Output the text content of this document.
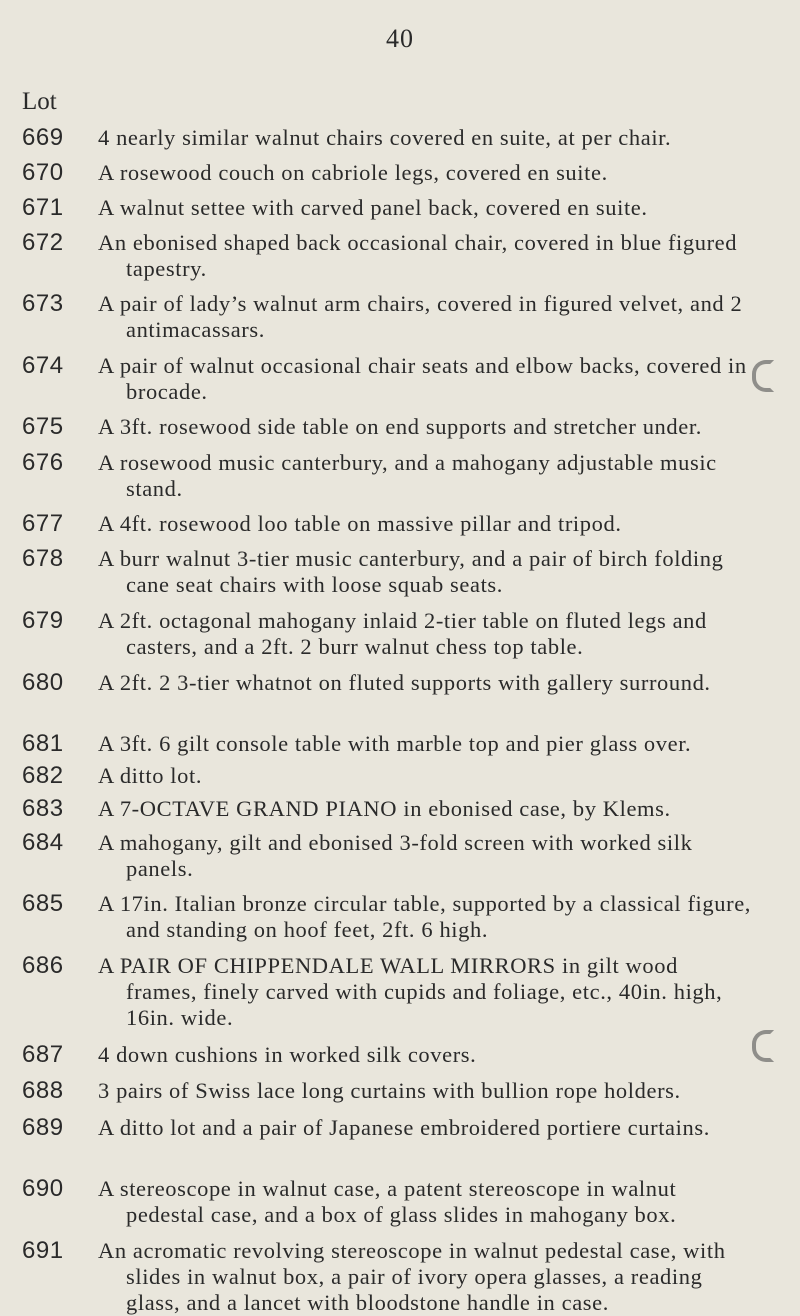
40
Lot
669 4 nearly similar walnut chairs covered en suite, at per chair.
670 A rosewood couch on cabriole legs, covered en suite.
671 A walnut settee with carved panel back, covered en suite.
672 An ebonised shaped back occasional chair, covered in blue figured tapestry.
673 A pair of lady’s walnut arm chairs, covered in figured velvet, and 2 antimacassars.
674 A pair of walnut occasional chair seats and elbow backs, covered in brocade.
675 A 3ft. rosewood side table on end supports and stretcher under.
676 A rosewood music canterbury, and a mahogany adjustable music stand.
677 A 4ft. rosewood loo table on massive pillar and tripod.
678 A burr walnut 3-tier music canterbury, and a pair of birch folding cane seat chairs with loose squab seats.
679 A 2ft. octagonal mahogany inlaid 2-tier table on fluted legs and casters, and a 2ft. 2 burr walnut chess top table.
680 A 2ft. 2 3-tier whatnot on fluted supports with gallery surround.
681 A 3ft. 6 gilt console table with marble top and pier glass over.
682 A ditto lot.
683 A 7-OCTAVE GRAND PIANO in ebonised case, by Klems.
684 A mahogany, gilt and ebonised 3-fold screen with worked silk panels.
685 A 17in. Italian bronze circular table, supported by a classical figure, and standing on hoof feet, 2ft. 6 high.
686 A PAIR OF CHIPPENDALE WALL MIRRORS in gilt wood frames, finely carved with cupids and foliage, etc., 40in. high, 16in. wide.
687 4 down cushions in worked silk covers.
688 3 pairs of Swiss lace long curtains with bullion rope holders.
689 A ditto lot and a pair of Japanese embroidered portiere curtains.
690 A stereoscope in walnut case, a patent stereoscope in walnut pedestal case, and a box of glass slides in mahogany box.
691 An acromatic revolving stereoscope in walnut pedestal case, with slides in walnut box, a pair of ivory opera glasses, a reading glass, and a lancet with bloodstone handle in case.
